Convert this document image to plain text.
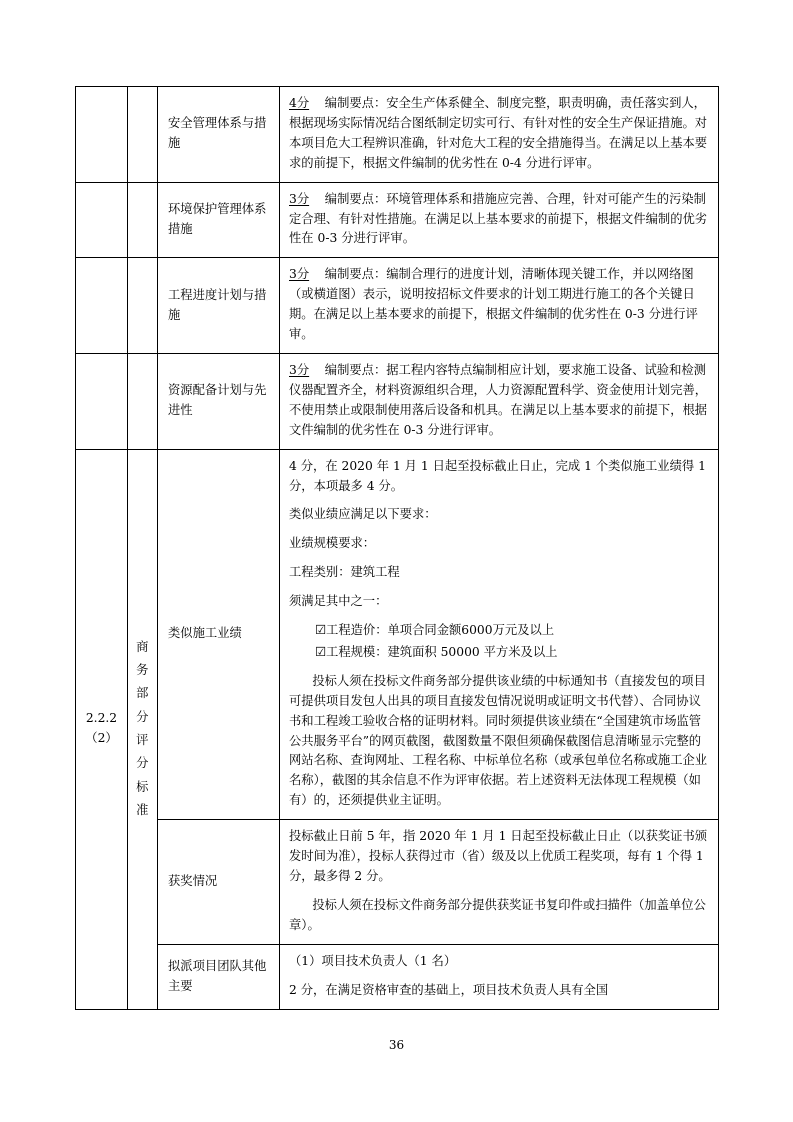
		安全管理体系与措施	4分 编制要点：安全生产体系健全、制度完整，职责明确，责任落实到人，根据现场实际情况结合图纸制定切实可行、有针对性的安全生产保证措施。对本项目危大工程辨识准确，针对危大工程的安全措施得当。在满足以上基本要求的前提下，根据文件编制的优劣性在 0-4 分进行评审。

		环境保护管理体系措施	3分 编制要点：环境管理体系和措施应完善、合理，针对可能产生的污染制定合理、有针对性措施。在满足以上基本要求的前提下，根据文件编制的优劣性在 0-3 分进行评审。

		工程进度计划与措施	3分 编制要点：编制合理行的进度计划，清晰体现关键工作，并以网络图（或横道图）表示，说明按招标文件要求的计划工期进行施工的各个关键日期。在满足以上基本要求的前提下，根据文件编制的优劣性在 0-3 分进行评审。

		资源配备计划与先进性	3分 编制要点：据工程内容特点编制相应计划，要求施工设备、试验和检测仪器配置齐全，材料资源组织合理，人力资源配置科学、资金使用计划完善，不使用禁止或限制使用落后设备和机具。在满足以上基本要求的前提下，根据文件编制的优劣性在 0-3 分进行评审。

2.2.2（2）	商务部分评分标准	类似施工业绩	
4 分，在 2020 年 1 月 1 日起至投标截止日止，完成 1 个类似施工业绩得 1 分，本项最多 4 分。
类似业绩应满足以下要求：
业绩规模要求：
工程类别：建筑工程
须满足其中之一：
☑工程造价：单项合同金额6000万元及以上
☑工程规模：建筑面积 50000 平方米及以上
投标人须在投标文件商务部分提供该业绩的中标通知书（直接发包的项目可提供项目发包人出具的项目直接发包情况说明或证明文书代替）、合同协议书和工程竣工验收合格的证明材料。同时须提供该业绩在“全国建筑市场监管公共服务平台”的网页截图，截图数量不限但须确保截图信息清晰显示完整的网站名称、查询网址、工程名称、中标单位名称（或承包单位名称或施工企业名称），截图的其余信息不作为评审依据。若上述资料无法体现工程规模（如有）的，还须提供业主证明。

		获奖情况	投标截止日前 5 年，指 2020 年 1 月 1 日起至投标截止日止（以获奖证书颁发时间为准），投标人获得过市（省）级及以上优质工程奖项，每有 1 个得 1 分，最多得 2 分。
投标人须在投标文件商务部分提供获奖证书复印件或扫描件（加盖单位公章）。

		拟派项目团队其他主要	（1）项目技术负责人（1 名）
2 分，在满足资格审查的基础上，项目技术负责人具有全国
36
